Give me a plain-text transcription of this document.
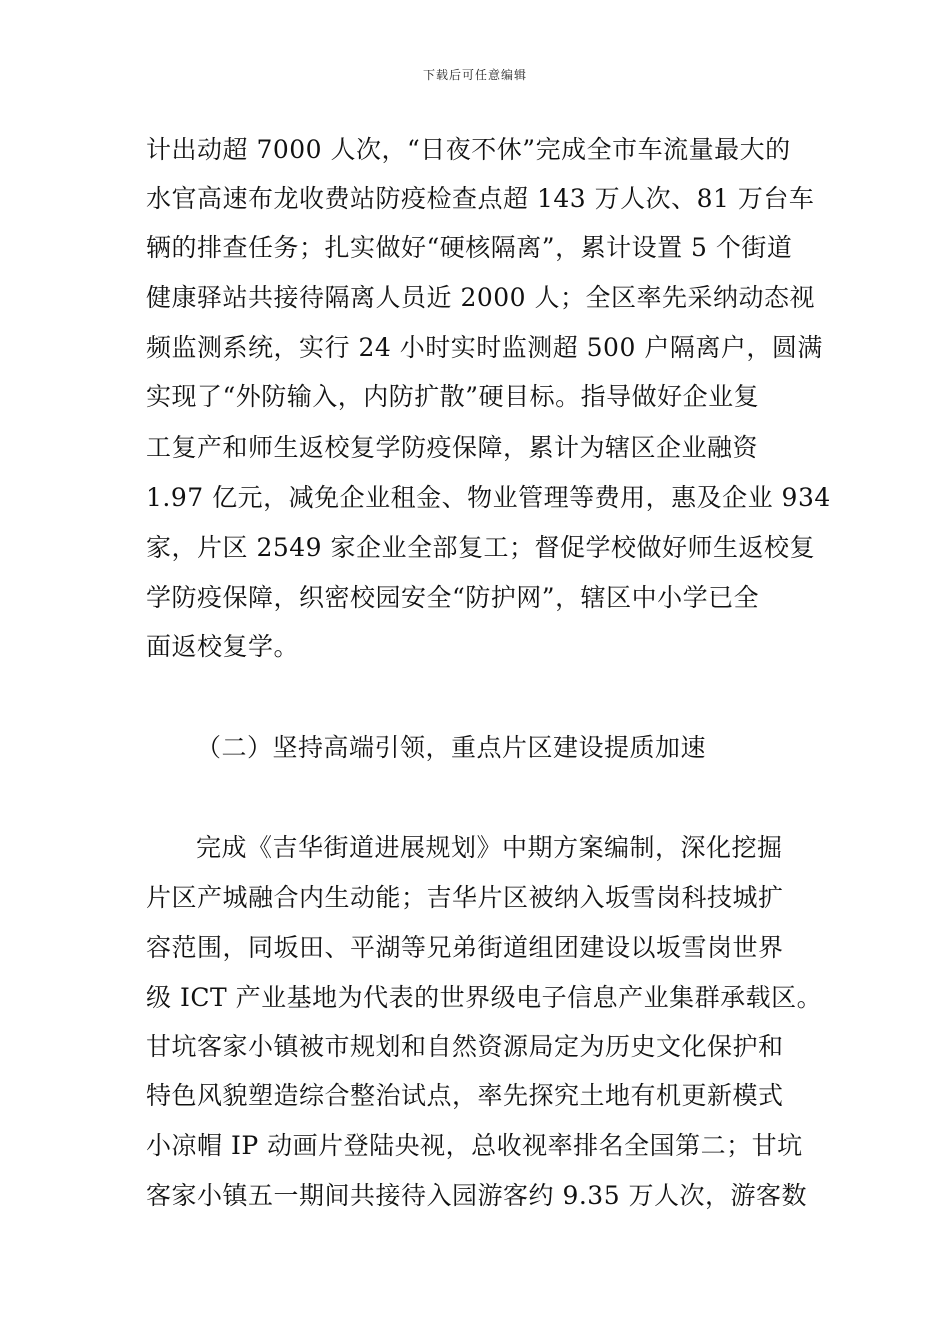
下载后可任意编辑
计出动超 7000 人次，“日夜不休”完成全市车流量最大的
水官高速布龙收费站防疫检查点超 143 万人次、81 万台车
辆的排查任务；扎实做好“硬核隔离”，累计设置 5 个街道
健康驿站共接待隔离人员近 2000 人；全区率先采纳动态视
频监测系统，实行 24 小时实时监测超 500 户隔离户，圆满
实现了“外防输入，内防扩散”硬目标。指导做好企业复
工复产和师生返校复学防疫保障，累计为辖区企业融资
1.97 亿元，减免企业租金、物业管理等费用，惠及企业 934
家，片区 2549 家企业全部复工；督促学校做好师生返校复
学防疫保障，织密校园安全“防护网”，辖区中小学已全
面返校复学。
（二）坚持高端引领，重点片区建设提质加速
完成《吉华街道进展规划》中期方案编制，深化挖掘
片区产城融合内生动能；吉华片区被纳入坂雪岗科技城扩
容范围，同坂田、平湖等兄弟街道组团建设以坂雪岗世界
级 ICT 产业基地为代表的世界级电子信息产业集群承载区。
甘坑客家小镇被市规划和自然资源局定为历史文化保护和
特色风貌塑造综合整治试点，率先探究土地有机更新模式
小凉帽 IP 动画片登陆央视，总收视率排名全国第二；甘坑
客家小镇五一期间共接待入园游客约 9.35 万人次，游客数
